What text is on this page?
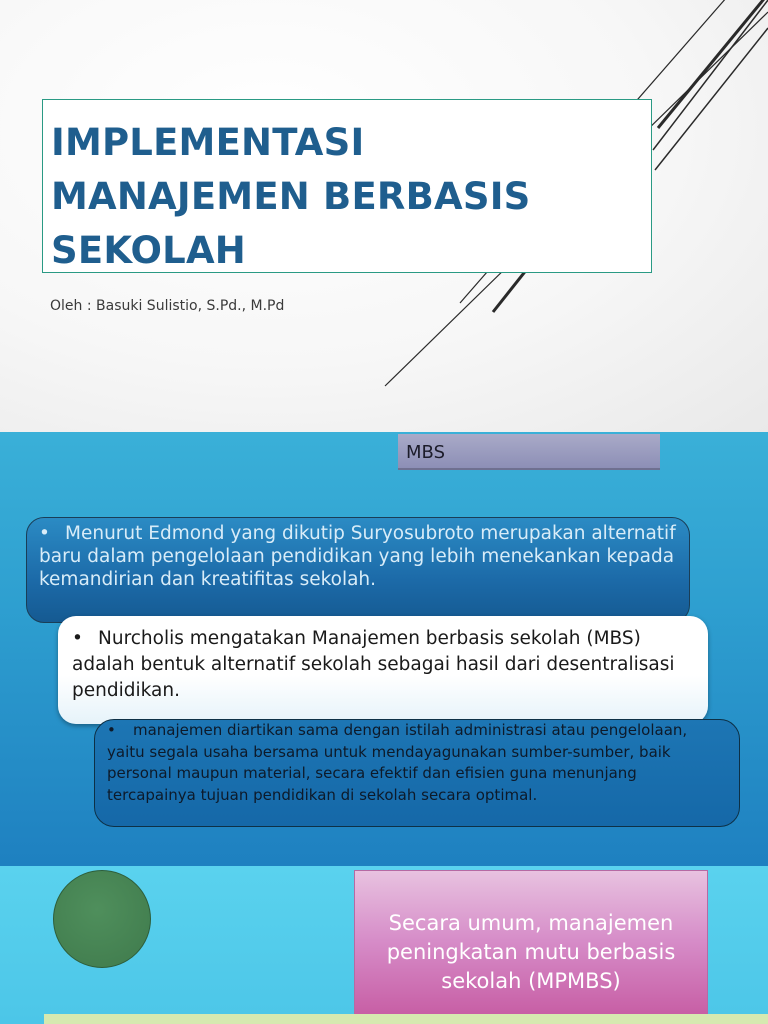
IMPLEMENTASI
MANAJEMEN BERBASIS
SEKOLAH
Oleh : Basuki Sulistio, S.Pd., M.Pd
MBS
• Menurut Edmond yang dikutip Suryosubroto merupakan alternatif baru dalam pengelolaan pendidikan yang lebih menekankan kepada kemandirian dan kreatifitas sekolah.
• Nurcholis mengatakan Manajemen berbasis sekolah (MBS) adalah bentuk alternatif sekolah sebagai hasil dari desentralisasi pendidikan.
• manajemen diartikan sama dengan istilah administrasi atau pengelolaan, yaitu segala usaha bersama untuk mendayagunakan sumber-sumber, baik personal maupun material, secara efektif dan efisien guna menunjang tercapainya tujuan pendidikan di sekolah secara optimal.
Secara umum, manajemen
peningkatan mutu berbasis
sekolah (MPMBS)
